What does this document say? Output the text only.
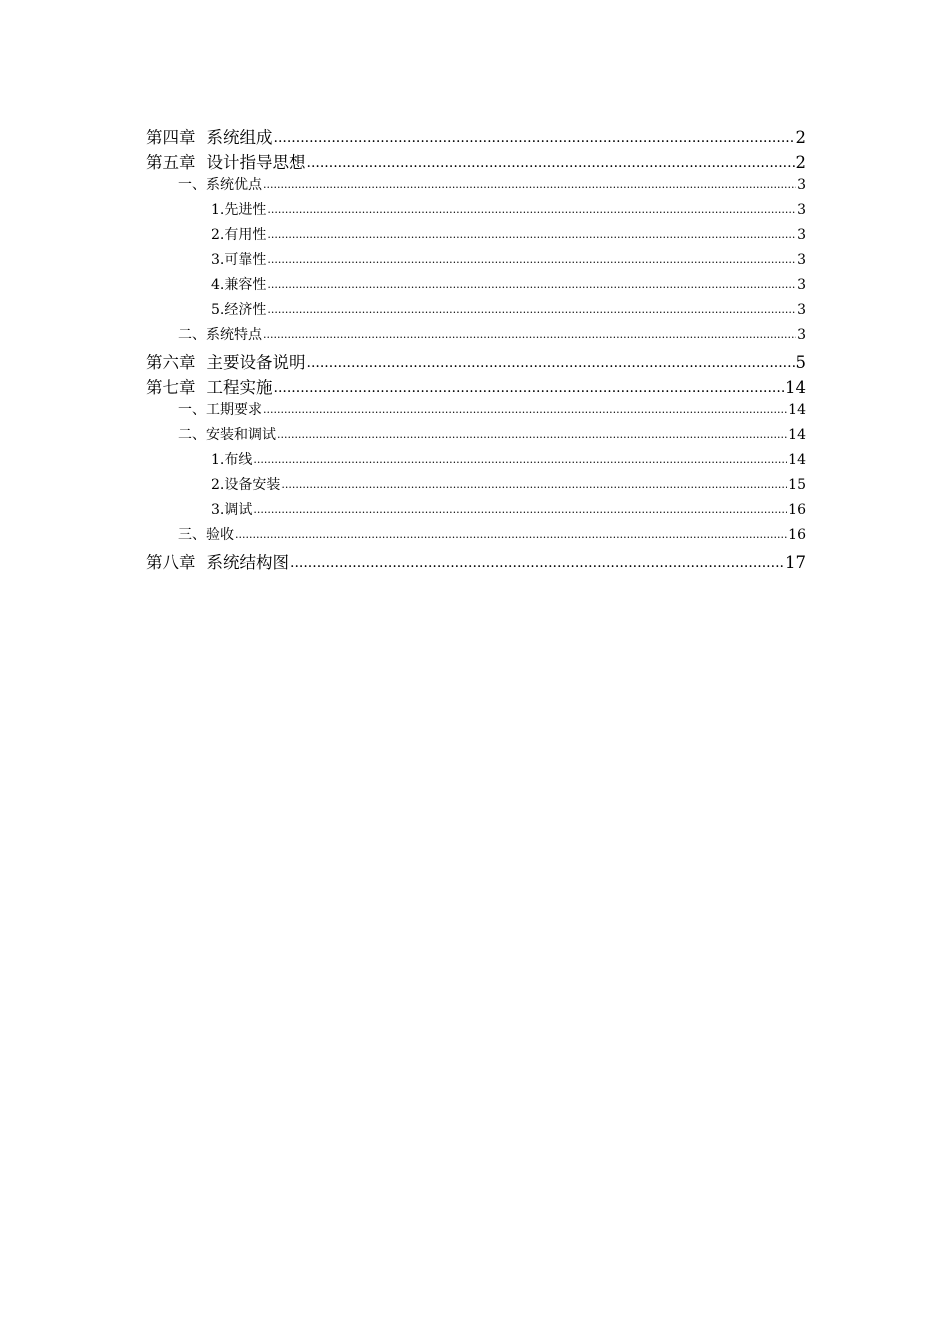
第四章 系统组成 .....	2
第五章 设计指导思想 .....	2
一、 系统优点 .....	3
1. 先进性 .....	3
2. 有用性 .....	3
3. 可靠性 .....	3
4. 兼容性 .....	3
5. 经济性 .....	3
二、 系统特点 .....	3
第六章 主要设备说明 .....	5
第七章 工程实施 .....	14
一、 工期要求 .....	14
二、 安装和调试 .....	14
1. 布线 .....	14
2. 设备安装 .....	15
3. 调试 .....	16
三、 验收 .....	16
第八章 系统结构图 .....	17
